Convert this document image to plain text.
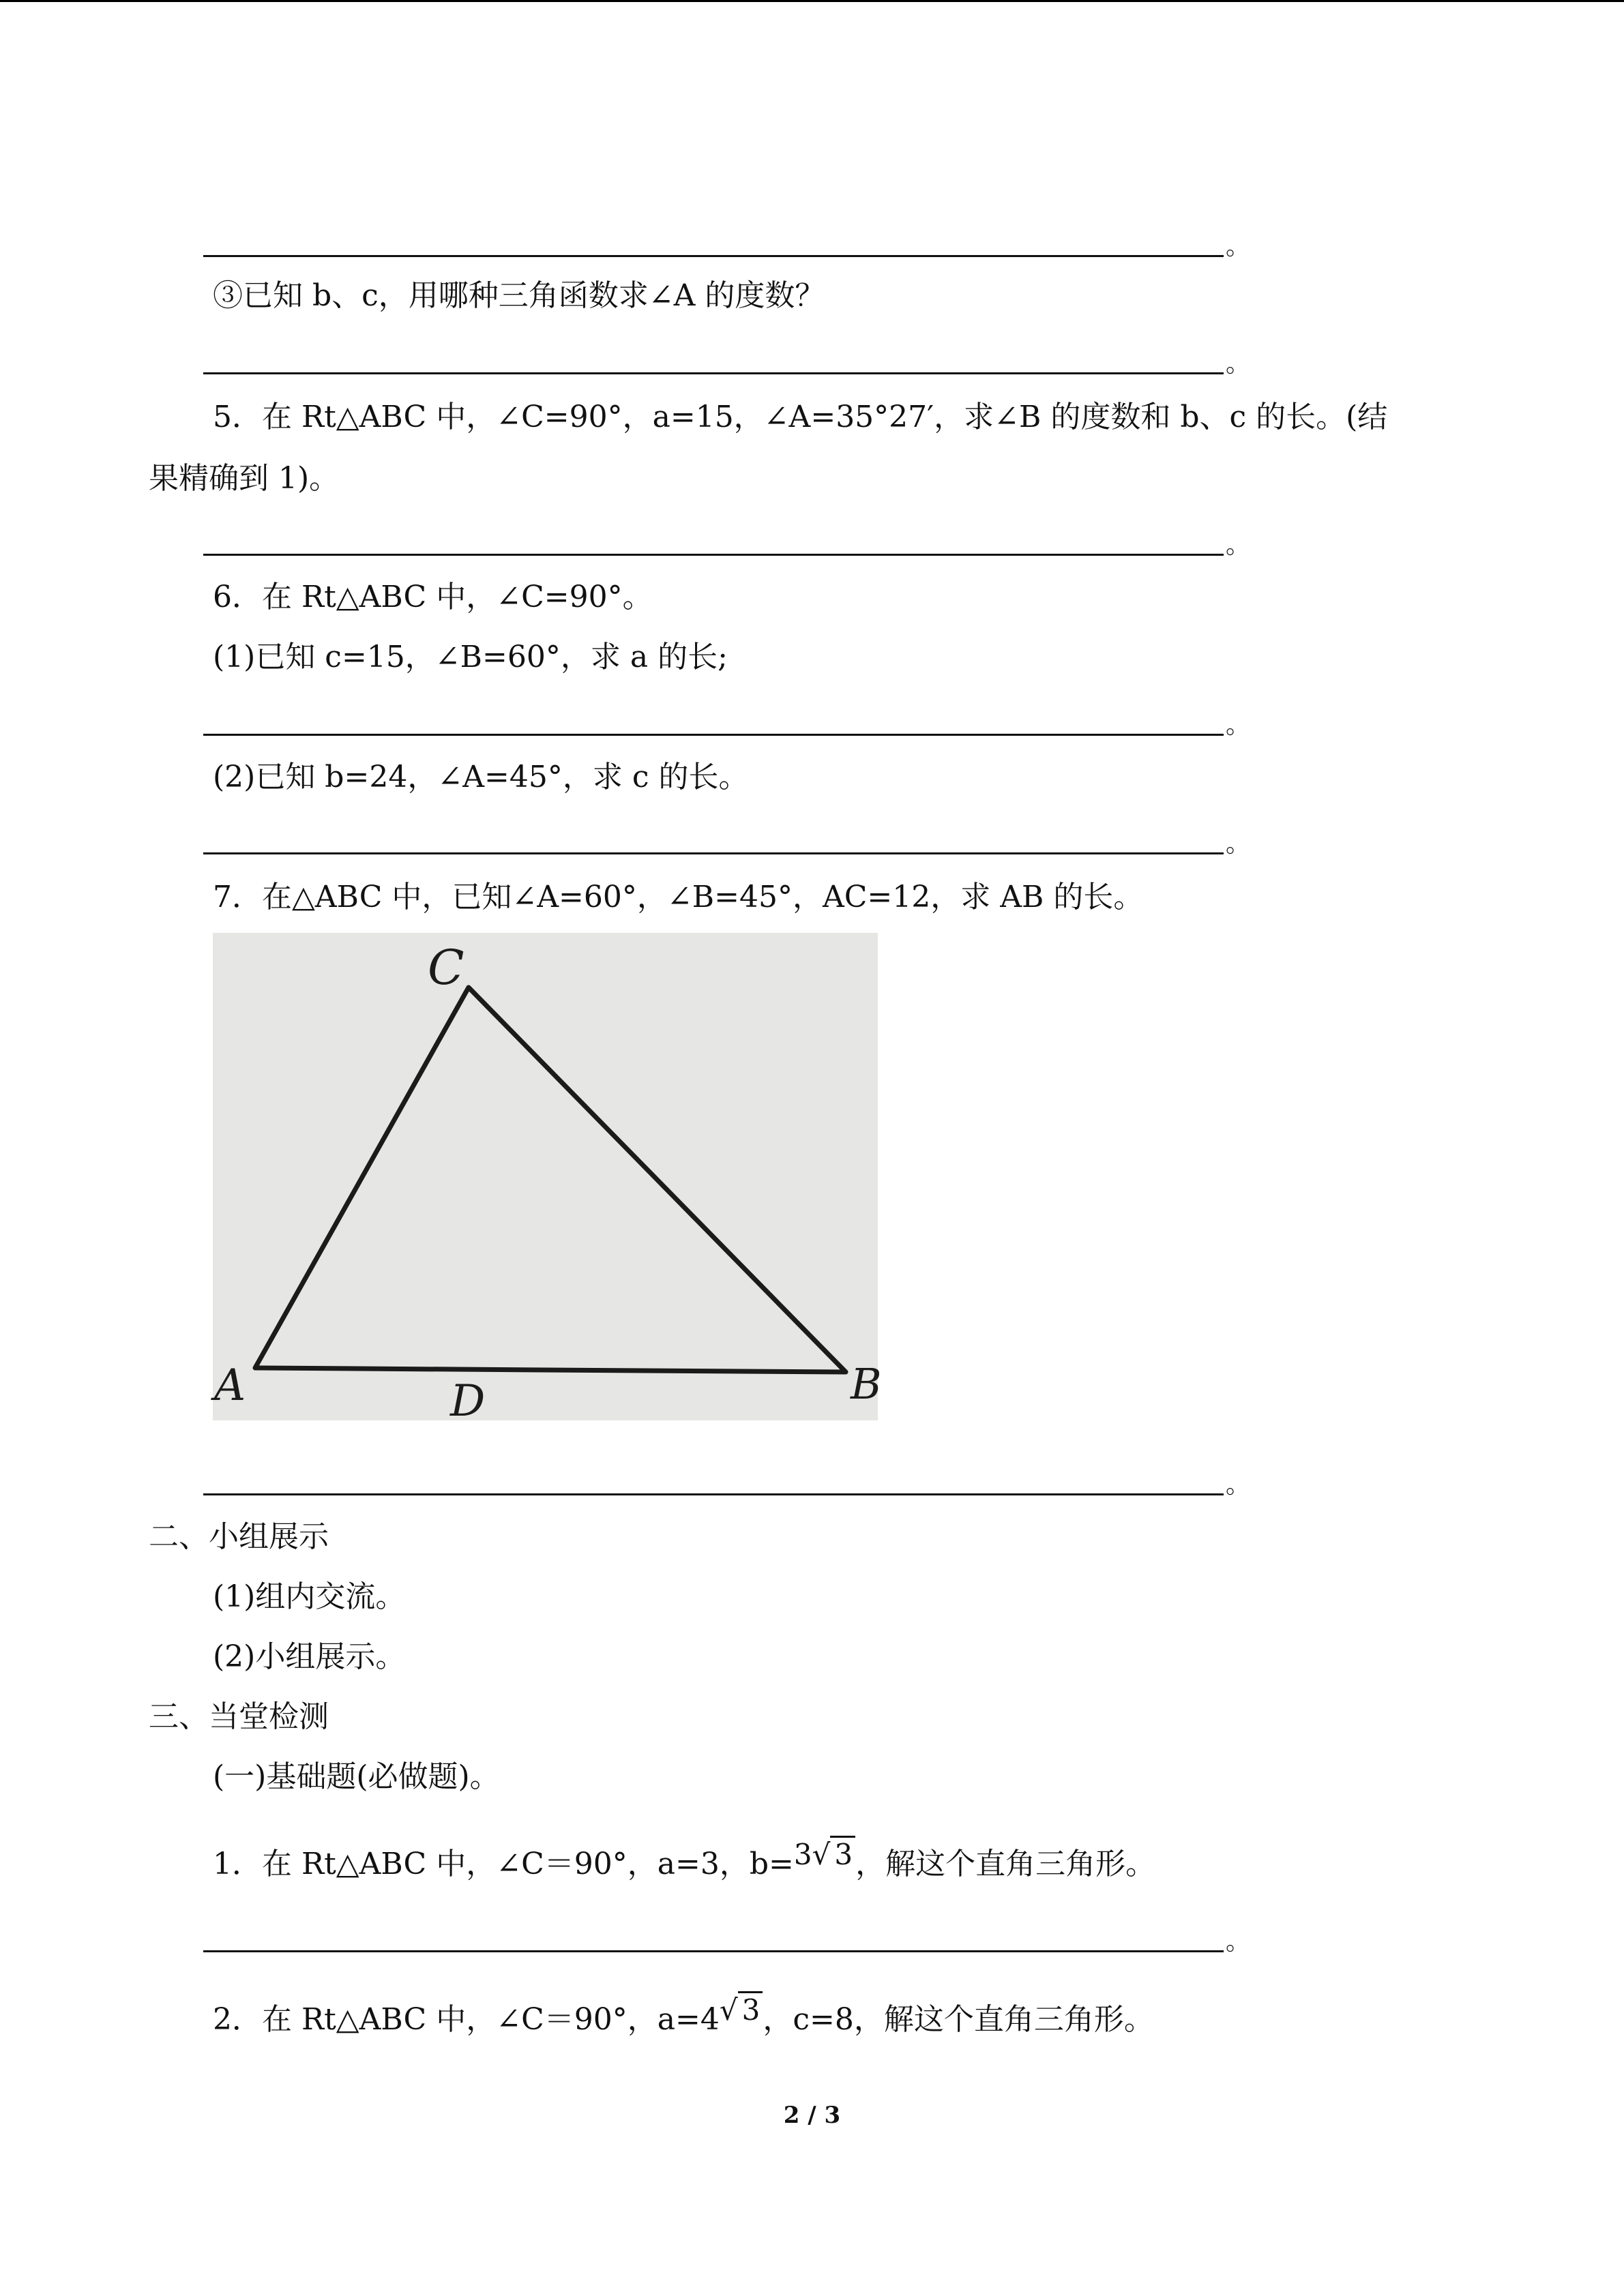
。
③已知 b、c，用哪种三角函数求∠A 的度数？
。
5．在 Rt△ABC 中，∠C=90°，a=15，∠A=35°27′，求∠B 的度数和 b、c 的长。(结
果精确到 1)。
。
6．在 Rt△ABC 中，∠C=90°。
(1)已知 c=15，∠B=60°，求 a 的长;
。
(2)已知 b=24，∠A=45°，求 c 的长。
。
7．在△ABC 中，已知∠A=60°，∠B=45°，AC=12，求 AB 的长。
C
A	B
D
。
二、小组展示
(1)组内交流。
(2)小组展示。
三、当堂检测
(一)基础题(必做题)。
1．在 Rt△ABC 中，∠C＝90°，a=3，b=3√ 3，解这个直角三角形。
。
2．在 Rt△ABC 中，∠C＝90°，a=4√ 3，c=8，解这个直角三角形。
2 / 3
